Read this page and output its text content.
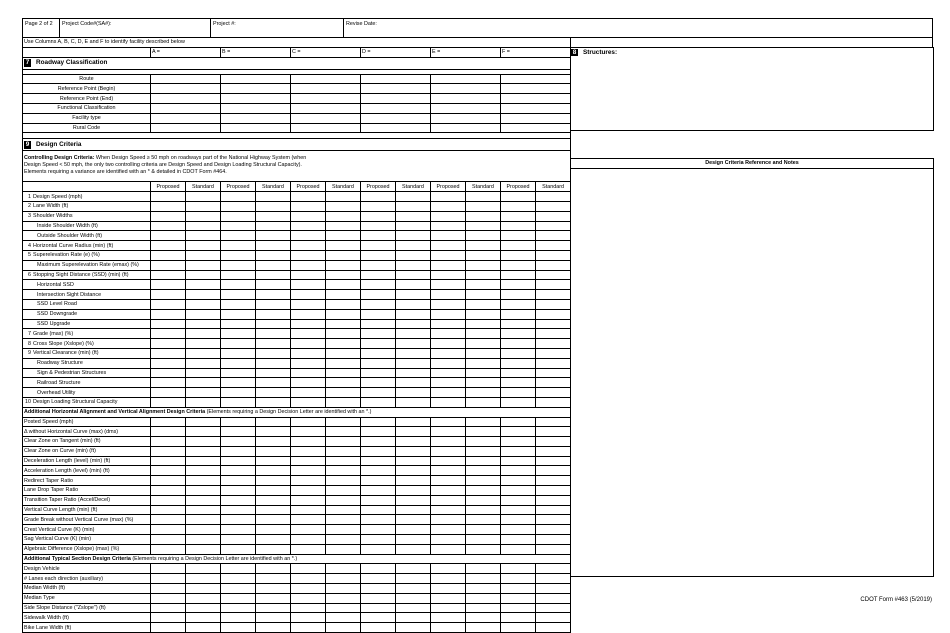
Page 2 of 2	Project Code#(SA#):	Project #:	Revise Date:
Use Columns A, B, C, D, E and F to identify facility described below												
	A =		B =		C =		D =		E =		F =	
7 Roadway Classification												

Route												
Reference Point (Begin)												
Reference Point (End)												
Functional Classification												
Facility type												
Rural Code												

9 Design Criteria												
Controlling Design Criteria: When Design Speed ≥ 50 mph on roadways part of the National Highway System (when
Design Speed < 50 mph, the only two controlling criteria are Design Speed and Design Loading Structural Capacity).
Elements requiring a variance are identified with an * & detailed in CDOT Form #464.												
	Proposed	Standard	Proposed	Standard	Proposed	Standard	Proposed	Standard	Proposed	Standard	Proposed	Standard
1 Design Speed (mph)												
2 Lane Width (ft)												
3 Shoulder Widths												
Inside Shoulder Width (ft)												
Outside Shoulder Width (ft)												
4 Horizontal Curve Radius (min) (ft)												
5 Superelevation Rate (e) (%)												
Maximum Superelevation Rate (emax) (%)												
6 Stopping Sight Distance (SSD) (min) (ft)												
Horizontal SSD												
Intersection Sight Distance												
SSD Level Road												
SSD Downgrade												
SSD Upgrade												
7 Grade (max) (%)												
8 Cross Slope (Xslope) (%)												
9 Vertical Clearance (min) (ft)												
Roadway Structure												
Sign & Pedestrian Structures												
Railroad Structure												
Overhead Utility												
10 Design Loading Structural Capacity												
Additional Horizontal Alignment and Vertical Alignment Design Criteria (Elements requiring a Design Decision Letter are identified with an *.)												
Posted Speed (mph)												
Δ without Horizontal Curve (max) (dms)												
Clear Zone on Tangent (min) (ft)												
Clear Zone on Curve (min) (ft)												
Deceleration Length (level) (min) (ft)												
Acceleration Length (level) (min) (ft)												
Redirect Taper Ratio												
Lane Drop Taper Ratio												
Transition Taper Ratio (Accel/Decel)												
Vertical Curve Length (min) (ft)												
Grade Break without Vertical Curve (max) (%)												
Crest Vertical Curve (K) (min)												
Sag Vertical Curve (K) (min)												
Algebraic Difference (Xslope) (max) (%)												
Additional Typical Section Design Criteria (Elements requiring a Design Decision Letter are identified with an *.)												
Design Vehicle												
# Lanes each direction (auxiliary)												
Median Width (ft)												
Median Type												
Side Slope Distance ("Zslope") (ft)												
Sidewalk Width (ft)												
Bike Lane Width (ft)												
8 Structures:
Design Criteria Reference and Notes
CDOT Form #463 (5/2019)
